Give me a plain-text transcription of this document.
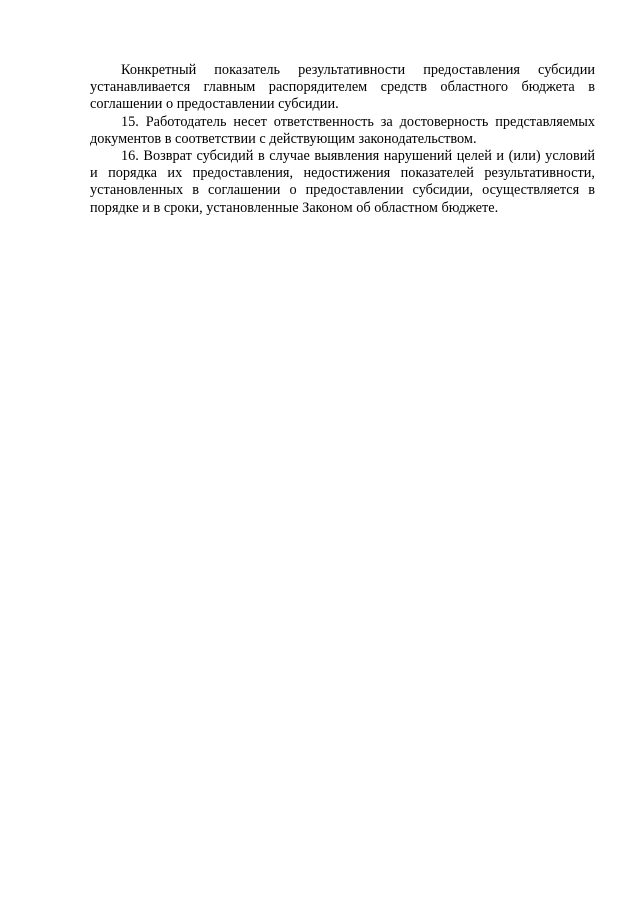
Конкретный показатель результативности предоставления субсидии устанавливается главным распорядителем средств областного бюджета в соглашении о предоставлении субсидии.

15. Работодатель несет ответственность за достоверность представляемых документов в соответствии с действующим законодательством.

16. Возврат субсидий в случае выявления нарушений целей и (или) условий и порядка их предоставления, недостижения показателей результативности, установленных в соглашении о предоставлении субсидии, осуществляется в порядке и в сроки, установленные Законом об областном бюджете.
